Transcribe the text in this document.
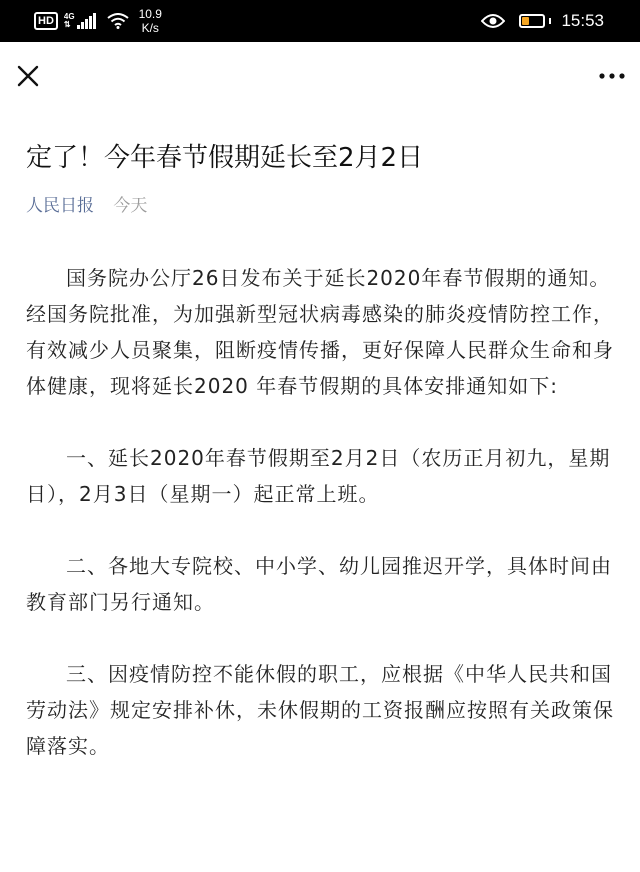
HD	4G
⇅
10.9
K/s	15:53
定了！今年春节假期延长至2月2日
人民日报 今天

国务院办公厅26日发布关于延长2020年春节假期的通知。经国务院批准，为加强新型冠状病毒感染的肺炎疫情防控工作，有效减少人员聚集，阻断疫情传播，更好保障人民群众生命和身体健康，现将延长2020 年春节假期的具体安排通知如下:

一、延长2020年春节假期至2月2日（农历正月初九，星期日），2月3日（星期一）起正常上班。

二、各地大专院校、中小学、幼儿园推迟开学，具体时间由教育部门另行通知。

三、因疫情防控不能休假的职工，应根据《中华人民共和国劳动法》规定安排补休，未休假期的工资报酬应按照有关政策保障落实。
